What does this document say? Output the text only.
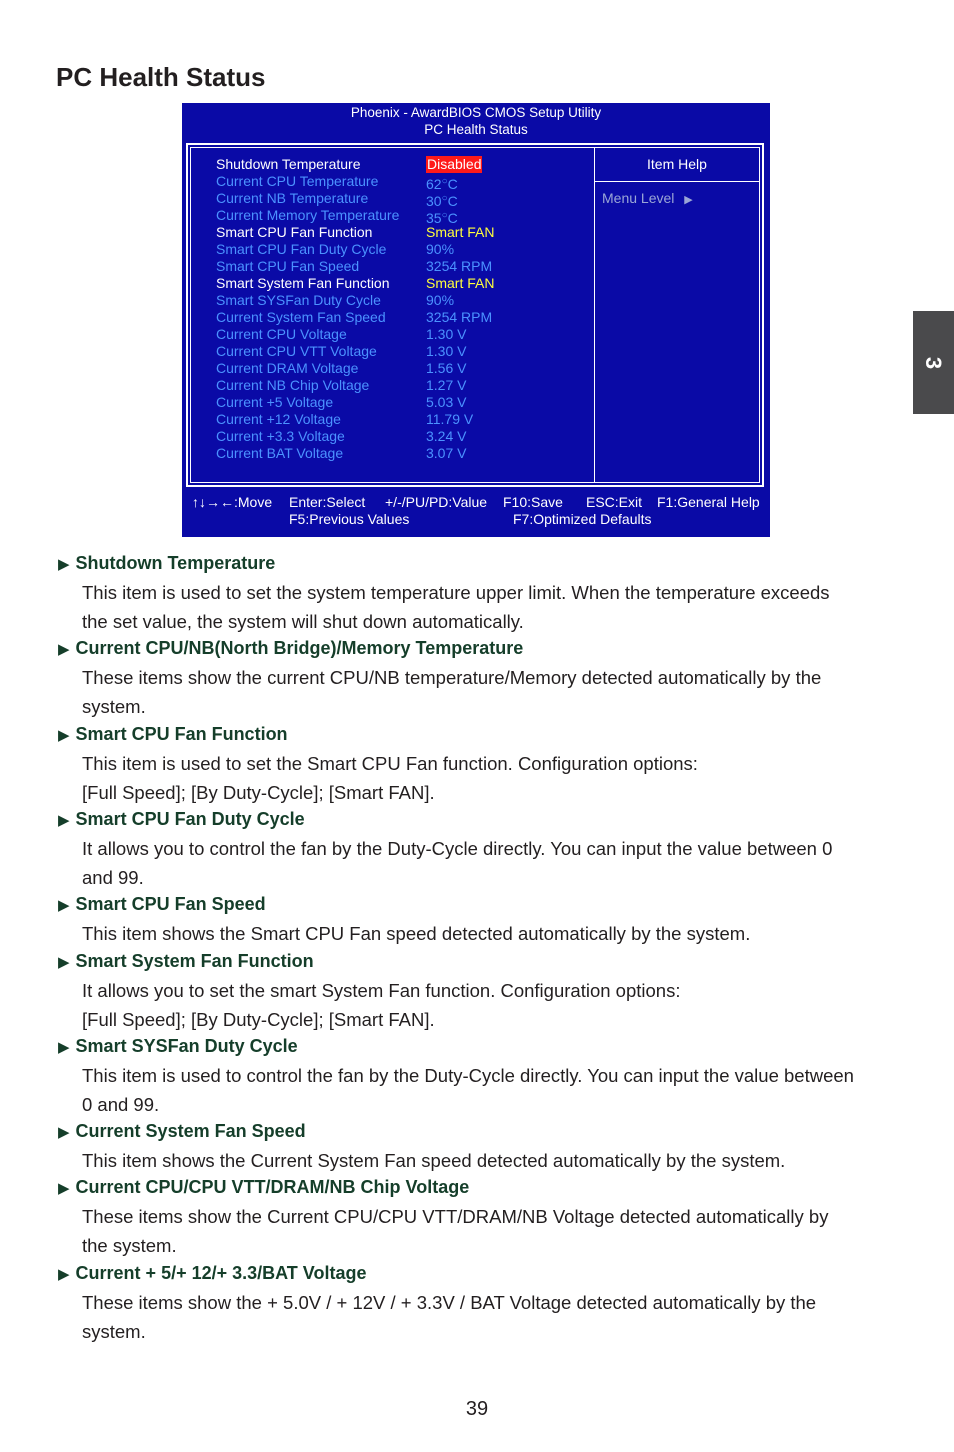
PC Health Status
3
Phoenix - AwardBIOS CMOS Setup Utility
PC Health Status
Shutdown Temperature	Disabled
Current CPU Temperature	62○C
Current NB Temperature	30○C
Current Memory Temperature 35○C
Smart CPU Fan Function	Smart FAN
Smart CPU Fan Duty Cycle	90%
Smart CPU Fan Speed	3254 RPM
Smart System Fan Function	Smart FAN
Smart SYSFan Duty Cycle	90%
Current System Fan Speed	3254 RPM
Current CPU Voltage	1.30 V
Current CPU VTT Voltage	1.30 V
Current DRAM Voltage	1.56 V
Current NB Chip Voltage	1.27 V
Current +5 Voltage	5.03 V
Current +12 Voltage	11.79 V
Current +3.3 Voltage	3.24 V
Current BAT Voltage	3.07 V
Item Help
Menu Level ▶
↑↓→←:Move Enter:Select +/-/PU/PD:Value F10:Save ESC:Exit F1:General Help
F5:Previous Values	F7:Optimized Defaults
▶ Shutdown Temperature
This item is used to set the system temperature upper limit. When the temperature exceeds
the set value, the system will shut down automatically.
▶ Current CPU/NB(North Bridge)/Memory Temperature
These items show the current CPU/NB temperature/Memory detected automatically by the
system.
▶ Smart CPU Fan Function
This item is used to set the Smart CPU Fan function. Configuration options:
[Full Speed]; [By Duty-Cycle]; [Smart FAN].
▶ Smart CPU Fan Duty Cycle
It allows you to control the fan by the Duty-Cycle directly. You can input the value between 0
and 99.
▶ Smart CPU Fan Speed
This item shows the Smart CPU Fan speed detected automatically by the system.
▶ Smart System Fan Function
It allows you to set the smart System Fan function. Configuration options:
[Full Speed]; [By Duty-Cycle]; [Smart FAN].
▶ Smart SYSFan Duty Cycle
This item is used to control the fan by the Duty-Cycle directly. You can input the value between
0 and 99.
▶ Current System Fan Speed
This item shows the Current System Fan speed detected automatically by the system.
▶ Current CPU/CPU VTT/DRAM/NB Chip Voltage
These items show the Current CPU/CPU VTT/DRAM/NB Voltage detected automatically by
the system.
▶ Current + 5/+ 12/+ 3.3/BAT Voltage
These items show the + 5.0V / + 12V / + 3.3V / BAT Voltage detected automatically by the
system.
39
